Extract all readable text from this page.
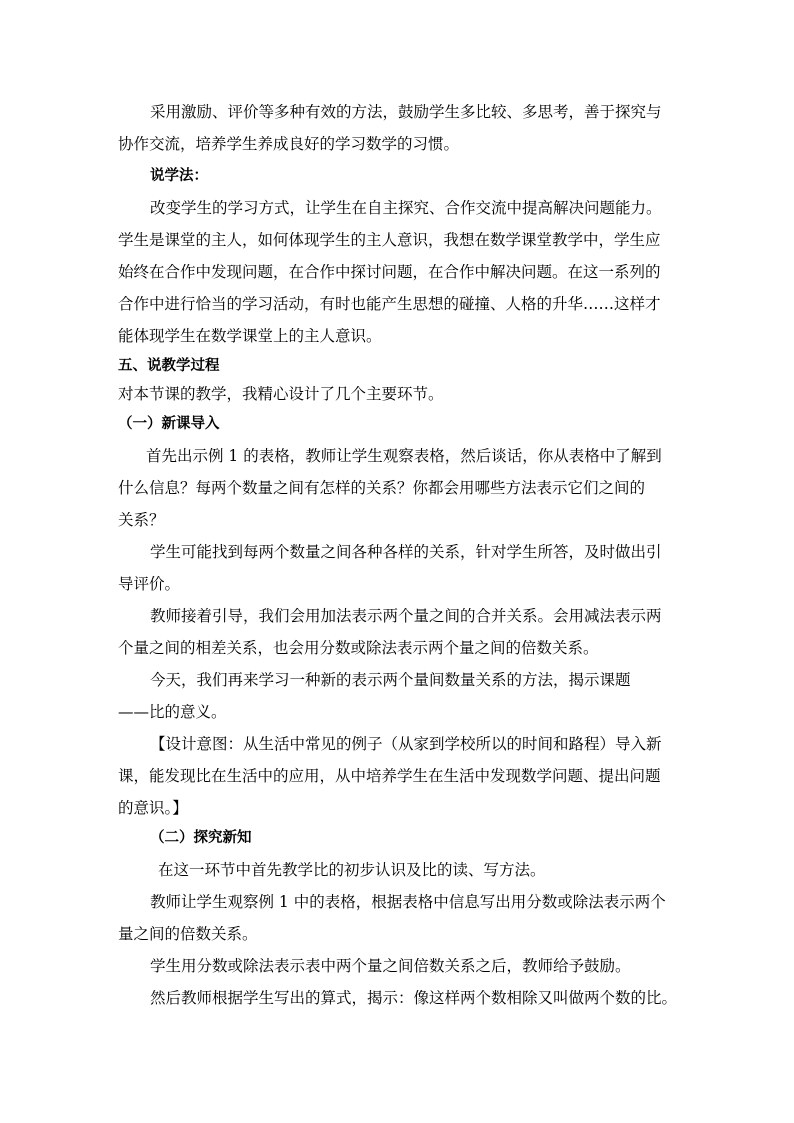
采用激励、评价等多种有效的方法，鼓励学生多比较、多思考，善于探究与
协作交流，培养学生养成良好的学习数学的习惯。
说学法：
改变学生的学习方式，让学生在自主探究、合作交流中提高解决问题能力。
学生是课堂的主人，如何体现学生的主人意识，我想在数学课堂教学中，学生应
始终在合作中发现问题，在合作中探讨问题，在合作中解决问题。在这一系列的
合作中进行恰当的学习活动，有时也能产生思想的碰撞、人格的升华……这样才
能体现学生在数学课堂上的主人意识。
五、说教学过程
对本节课的教学，我精心设计了几个主要环节。
（一）新课导入
首先出示例 1 的表格，教师让学生观察表格，然后谈话，你从表格中了解到
什么信息？每两个数量之间有怎样的关系？你都会用哪些方法表示它们之间的
关系？
学生可能找到每两个数量之间各种各样的关系，针对学生所答，及时做出引
导评价。
教师接着引导，我们会用加法表示两个量之间的合并关系。会用减法表示两
个量之间的相差关系，也会用分数或除法表示两个量之间的倍数关系。
今天，我们再来学习一种新的表示两个量间数量关系的方法，揭示课题
——比的意义。
【设计意图：从生活中常见的例子（从家到学校所以的时间和路程）导入新
课，能发现比在生活中的应用，从中培养学生在生活中发现数学问题、提出问题
的意识。】
（二）探究新知
在这一环节中首先教学比的初步认识及比的读、写方法。
教师让学生观察例 1 中的表格，根据表格中信息写出用分数或除法表示两个
量之间的倍数关系。
学生用分数或除法表示表中两个量之间倍数关系之后，教师给予鼓励。
然后教师根据学生写出的算式，揭示：像这样两个数相除又叫做两个数的比。
